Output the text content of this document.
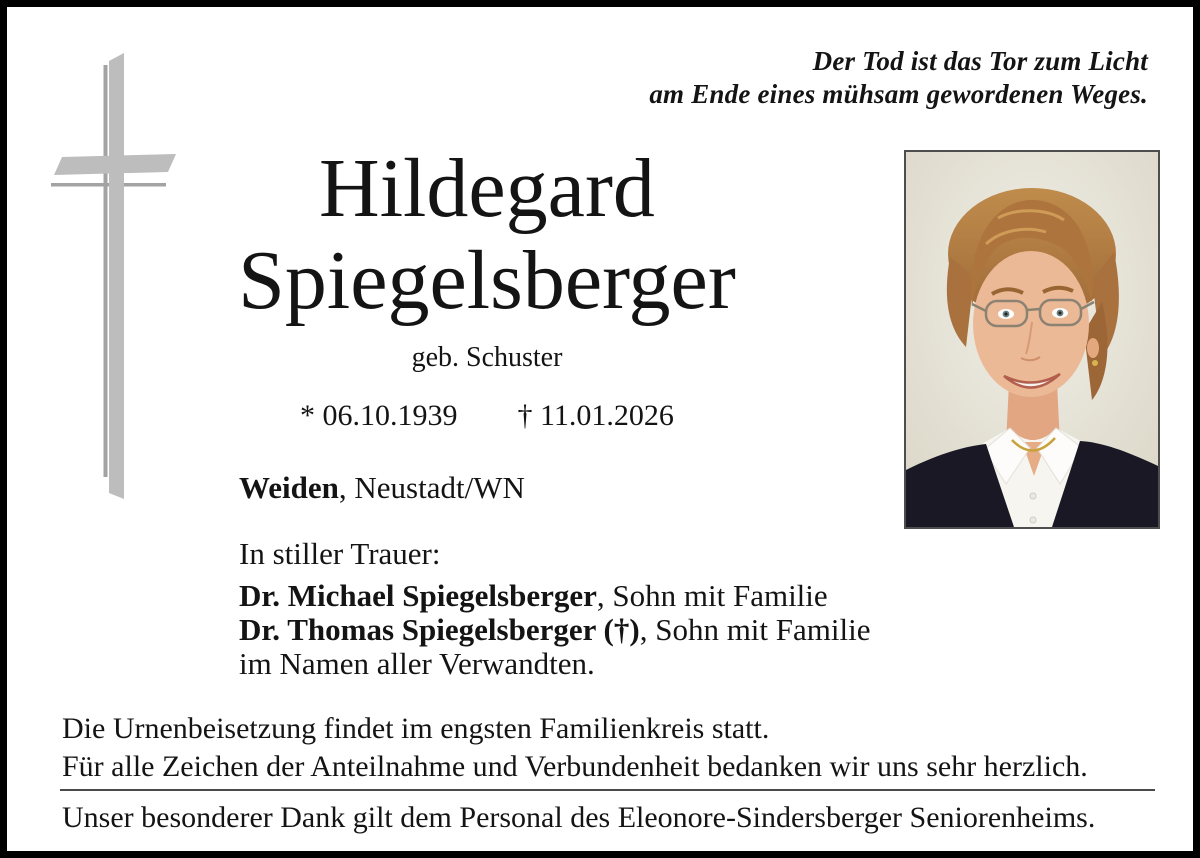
Der Tod ist das Tor zum Licht
am Ende eines mühsam gewordenen Weges.
Hildegard
Spiegelsberger
geb. Schuster
* 06.10.1939 † 11.01.2026
Weiden, Neustadt/WN
In stiller Trauer:
Dr. Michael Spiegelsberger, Sohn mit Familie
Dr. Thomas Spiegelsberger (†), Sohn mit Familie
im Namen aller Verwandten.
Die Urnenbeisetzung findet im engsten Familienkreis statt.
Für alle Zeichen der Anteilnahme und Verbundenheit bedanken wir uns sehr herzlich.
Unser besonderer Dank gilt dem Personal des Eleonore-Sindersberger Seniorenheims.
